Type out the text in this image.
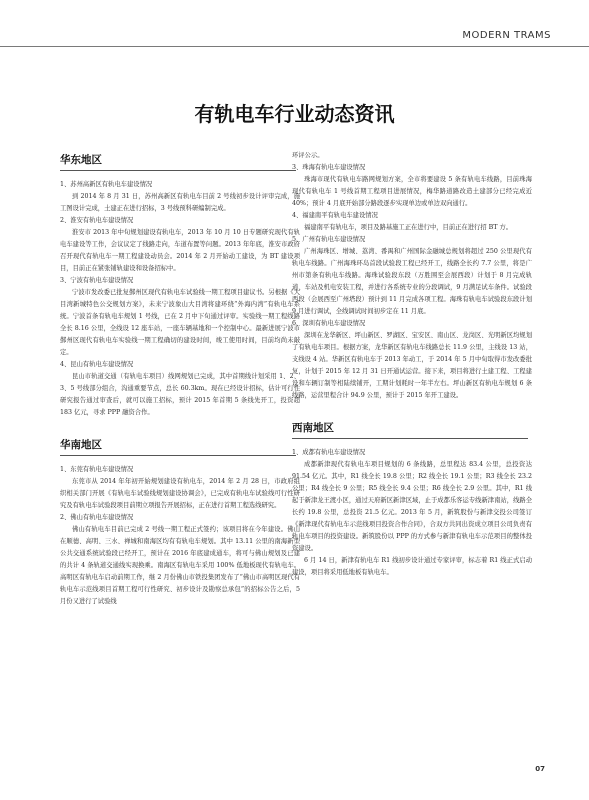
MODERN TRAMS
有轨电车行业动态资讯
华东地区

1、苏州高新区有轨电车建设情况

到 2014 年 8 月 31 日，苏州高新区有轨电车目前 2 号线初步设计评审完成，施工图设计完成，土建正在进行招标，3 号线预科研编制完成。

2、淮安有轨电车建设情况

淮安市 2013 年中旬规划建设有轨电车，2013 年 10 月 10 日专题研究现代有轨电车建设等工作，会议议定了线路走向，车道布置等问题。2013 年年底，淮安市政府召开现代有轨电车一期工程建设动员会。2014 年 2 月开始动工建设，为 BT 建设项目，目前正在紧张铺轨建设和设备招标中。

3、宁波有轨电车建设情况

宁波市发改委已批复鄞州区现代有轨电车试验线一期工程项目建议书。另根据《大目湾新城特色公交规划方案》，未来宁波象山大目湾将建环绕“外海内湾”有轨电车系统。宁波首条有轨电车规划 1 号线，已在 2 月中下旬通过评审。实验线一期工程线路全长 8.16 公里，全线设 12 座车站，一座车辆基地和一个控制中心。最新进展宁波市鄞州区现代有轨电车实验线一期工程确切的建设时间，竣工使用时间，目前均尚未敲定。

4、昆山有轨电车建设情况

昆山市轨道交通（有轨电车项目）线网规划已完成，其中首期线计划采用 1、2、3、5 号线部分组合，沟通重要节点，总长 60.3km。现在已经设计招标，估计可行性研究报告通过审查后，就可以施工招标，预计 2015 年首期 5 条线先开工，投资超 183 亿元，寻求 PPP 融资合作。

华南地区

1、东莞有轨电车建设情况

东莞市从 2014 年年初开始规划建设有轨电车，2014 年 2 月 28 日，市政府组织相关部门开展《有轨电车试验线规划建设协调会》，已完成有轨电车试验线可行性研究及有轨电车试验段项目前期立项报告开展招标，正在进行首期工程选线研究。

2、佛山有轨电车建设情况

佛山有轨电车目前已完成 2 号线一期工程正式签约；该项目将在今年建设。佛山在顺德、高明、三水、禅城和南海区均有有轨电车规划。其中 13.11 公里的南海新型公共交通系统试验段已经开工，预计在 2016 年底建成通车，将可与佛山规划及已建的共计 4 条轨道交通线实现换乘。南海区有轨电车采用 100% 低地板现代有轨电车。高明区有轨电车启动前期工作，继 2 月份佛山市铁投集团发布了“佛山市高明区现代有轨电车示范线项目首期工程可行性研究、初步设计及勘察总承包”的招标公告之后，5 月份又进行了试验线

环评公示。

3、珠海有轨电车建设情况

珠海市现代有轨电车路网规划方案，全市将要建设 5 条有轨电车线路，目前珠海现代有轨电车 1 号线首期工程项目进展情况，梅华路道路改造土建部分已经完成近 40%；预计 4 月底开始部分路段逐步实现单边或单边双向通行。

4、福建南平有轨电车建设情况

福建南平有轨电车，项目及路基施工正在进行中，目前正在进行招 BT 方。

5、广州有轨电车建设情况

广州海珠区、增城、荔湾、番禺和广州国际金融城总规划将超过 250 公里现代有轨电车线路。广州海珠环岛首段试验段工程已经开工，线路全长约 7.7 公里，将是广州市第条有轨电车线路。海珠试验段东段（万胜围至会展西段）计划于 8 月完成轨道、车站及机电安装工程，并进行各系统专业的分段调试，9 月满足试车条件。试验段西段（会展西至广州塔段）预计到 11 月完成各项工程。海珠有轨电车试验段东段计划 9 月进行调试，全线调试时间初步定在 11 月底。

6、深圳有轨电车建设情况

深圳在龙华新区、坪山新区、罗湖区、宝安区、南山区、龙岗区、光明新区均规划了有轨电车项目。根据方案，龙华新区有轨电车线路总长 11.9 公里，主线设 13 站，支线设 4 站。华新区有轨电车于 2013 年动工，于 2014 年 5 月中旬取得市发改委批复，计划于 2015 年 12 月 31 日开通试运营。接下来，项目将进行土建工程、工程建设和车辆订制等相陆续铺开，工期计划耗时一年半左右。坪山新区有轨电车规划 6 条线路，运营里程合计 94.9 公里，预计于 2015 年开工建设。

西南地区

1、成都有轨电车建设情况

成都新津现代有轨电车项目规划的 6 条线路，总里程达 83.4 公里，总投资达 91.54 亿元。其中，R1 线全长 19.8 公里；R2 线全长 19.1 公里；R3 线全长 23.2 公里；R4 线全长 9 公里；R5 线全长 9.4 公里；R6 线全长 2.9 公里。其中，R1 线起于新津龙王渡小区，通过天府新区新津区域，止于成都乐客运专线新津南站，线路全长约 19.8 公里，总投资 21.5 亿元。2013 年 5 月，新筑股份与新津交投公司签订《新津现代有轨电车示范线项目投资合作合同》，合双方共同出资成立项目公司负责有轨电车项目的投资建设。新筑股份以 PPP 的方式参与新津有轨电车示范项目的整体投资建设。

6 月 14 日，新津有轨电车 R1 线初步设计通过专家评审，标志着 R1 线正式启动建设，项目将采用低地板有轨电车。

07
